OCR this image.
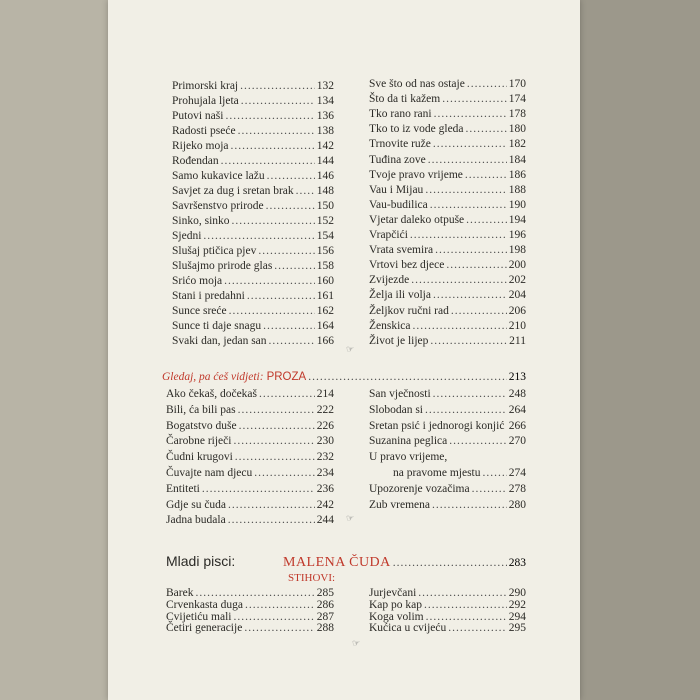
Primorski kraj .....	132
Prohujala ljeta .....	134
Putovi naši .....	136
Radosti pseće .....	138
Rijeko moja .....	142
Rođendan .....	144
Samo kukavice lažu .....	146
Savjet za dug i sretan brak ..... 148
Savršenstvo prirode .....	150
Sinko, sinko .....	152
Sjedni .....	154
Slušaj ptičica pjev .....	156
Slušajmo prirode glas .....	158
Srićo moja .....	160
Stani i predahni .....	161
Sunce sreće .....	162
Sunce ti daje snagu .....	164
Svaki dan, jedan san .....	166
Sve što od nas ostaje .....	170
Što da ti kažem .....	174
Tko rano rani .....	178
Tko to iz vode gleda .....	180
Trnovite ruže .....	182
Tuđina zove .....	184
Tvoje pravo vrijeme .....	186
Vau i Mijau .....	188
Vau-budilica .....	190
Vjetar daleko otpuše .....	194
Vrapčići .....	196
Vrata svemira .....	198
Vrtovi bez djece .....	200
Zvijezde .....	202
Želja ili volja .....	204
Željkov ručni rad .....	206
Ženskica .....	210
Život je lijep .....	211
☞
Gledaj, pa ćeš vidjeti: PROZA .....	213
Ako čekaš, dočekaš .....	214
Bili, ća bili pas .....	222
Bogatstvo duše .....	226
Čarobne riječi .....	230
Čudni krugovi .....	232
Čuvajte nam djecu .....	234
Entiteti .....	236
Gdje su čuda .....	242
Jadna budala .....	244
San vječnosti .....	248
Slobodan si .....	264
Sretan psić i jednorogi konjić ..... 266
Suzanina peglica .....	270
U pravo vrijeme,
na pravome mjestu ..... 274
Upozorenje vozačima .....	278
Zub vremena .....	280
☞
Mladi pisci:	MALENA ČUDA .....	283
STIHOVI:
Barek .....	285
Crvenkasta duga .....	286
Cvijetiću mali .....	287
Četiri generacije .....	288
Jurjevčani .....	290
Kap po kap .....	292
Koga volim .....	294
Kućica u cvijeću .....	295
☞
